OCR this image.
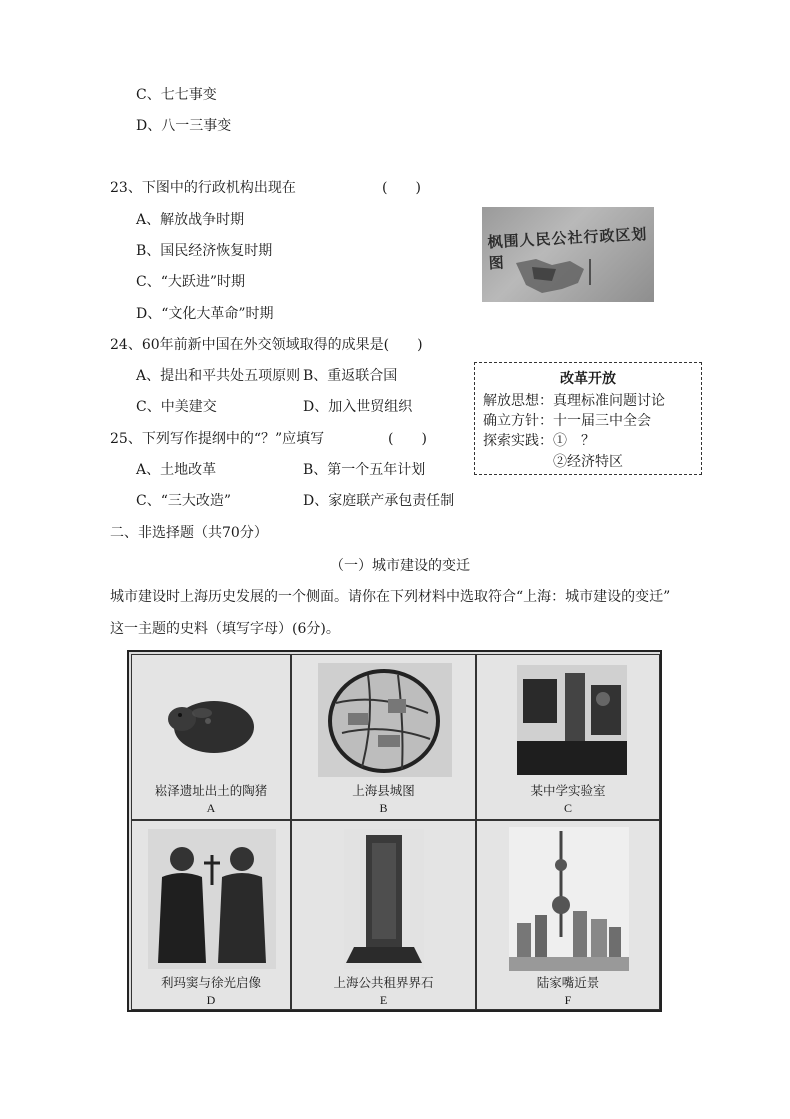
C、七七事变
D、八一三事变
23、下图中的行政机构出现在	(　　)
A、解放战争时期
B、国民经济恢复时期
C、“大跃进”时期
D、“文化大革命”时期
枫围人民公社行政区划图
24、60年前新中国在外交领域取得的成果是(　　)
A、提出和平共处五项原则 B、重返联合国
C、中美建交	D、加入世贸组织
25、下列写作提纲中的“？”应填写	(　　)
A、土地改革	B、第一个五年计划
C、“三大改造”	D、家庭联产承包责任制
改革开放
解放思想：真理标准问题讨论
确立方针：十一届三中全会
探索实践：①　？
②经济特区
二、非选择题（共70分）
（一）城市建设的变迁
城市建设时上海历史发展的一个侧面。请你在下列材料中选取符合“上海：城市建设的变迁”
这一主题的史料（填写字母）(6分)。
崧泽遗址出土的陶猪
A
上海县城图
B
某中学实验室
C
利玛窦与徐光启像
D
上海公共租界界石
E
陆家嘴近景
F
